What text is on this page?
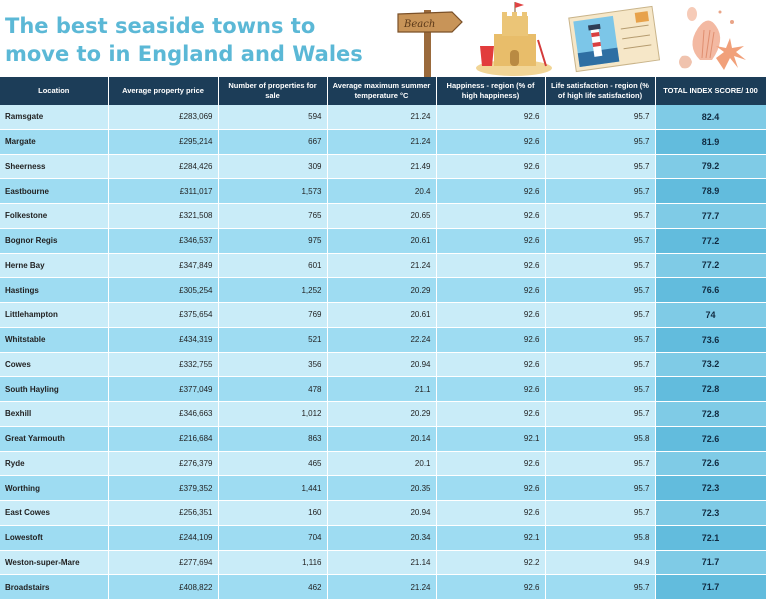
The best seaside towns to move to in England and Wales
Beach
Location	Average property price	Number of properties for sale	Average maximum summer temperature °C	Happiness - region (% of high happiness)	Life satisfaction - region (% of high life satisfaction)	TOTAL INDEX SCORE/ 100
Ramsgate	£283,069	594	21.24	92.6	95.7	82.4
Margate	£295,214	667	21.24	92.6	95.7	81.9
Sheerness	£284,426	309	21.49	92.6	95.7	79.2
Eastbourne	£311,017	1,573	20.4	92.6	95.7	78.9
Folkestone	£321,508	765	20.65	92.6	95.7	77.7
Bognor Regis	£346,537	975	20.61	92.6	95.7	77.2
Herne Bay	£347,849	601	21.24	92.6	95.7	77.2
Hastings	£305,254	1,252	20.29	92.6	95.7	76.6
Littlehampton	£375,654	769	20.61	92.6	95.7	74
Whitstable	£434,319	521	22.24	92.6	95.7	73.6
Cowes	£332,755	356	20.94	92.6	95.7	73.2
South Hayling	£377,049	478	21.1	92.6	95.7	72.8
Bexhill	£346,663	1,012	20.29	92.6	95.7	72.8
Great Yarmouth	£216,684	863	20.14	92.1	95.8	72.6
Ryde	£276,379	465	20.1	92.6	95.7	72.6
Worthing	£379,352	1,441	20.35	92.6	95.7	72.3
East Cowes	£256,351	160	20.94	92.6	95.7	72.3
Lowestoft	£244,109	704	20.34	92.1	95.8	72.1
Weston-super-Mare	£277,694	1,116	21.14	92.2	94.9	71.7
Broadstairs	£408,822	462	21.24	92.6	95.7	71.7
